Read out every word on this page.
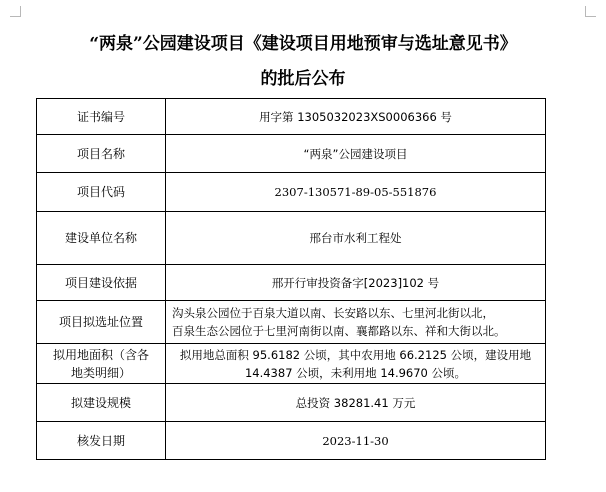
“两泉”公园建设项目《建设项目用地预审与选址意见书》
的批后公布
证书编号	用字第 1305032023XS0006366 号
项目名称	“两泉”公园建设项目
项目代码	2307-130571-89-05-551876
建设单位名称	邢台市水利工程处
项目建设依据	邢开行审投资备字[2023]102 号
项目拟选址位置	沟头泉公园位于百泉大道以南、长安路以东、七里河北街以北，
百泉生态公园位于七里河南街以南、襄都路以东、祥和大街以北。
拟用地面积（含各
地类明细）	拟用地总面积 95.6182 公顷，其中农用地 66.2125 公顷，建设用地
14.4387 公顷，未利用地 14.9670 公顷。

拟建设规模	总投资 38281.41 万元
核发日期	2023-11-30
